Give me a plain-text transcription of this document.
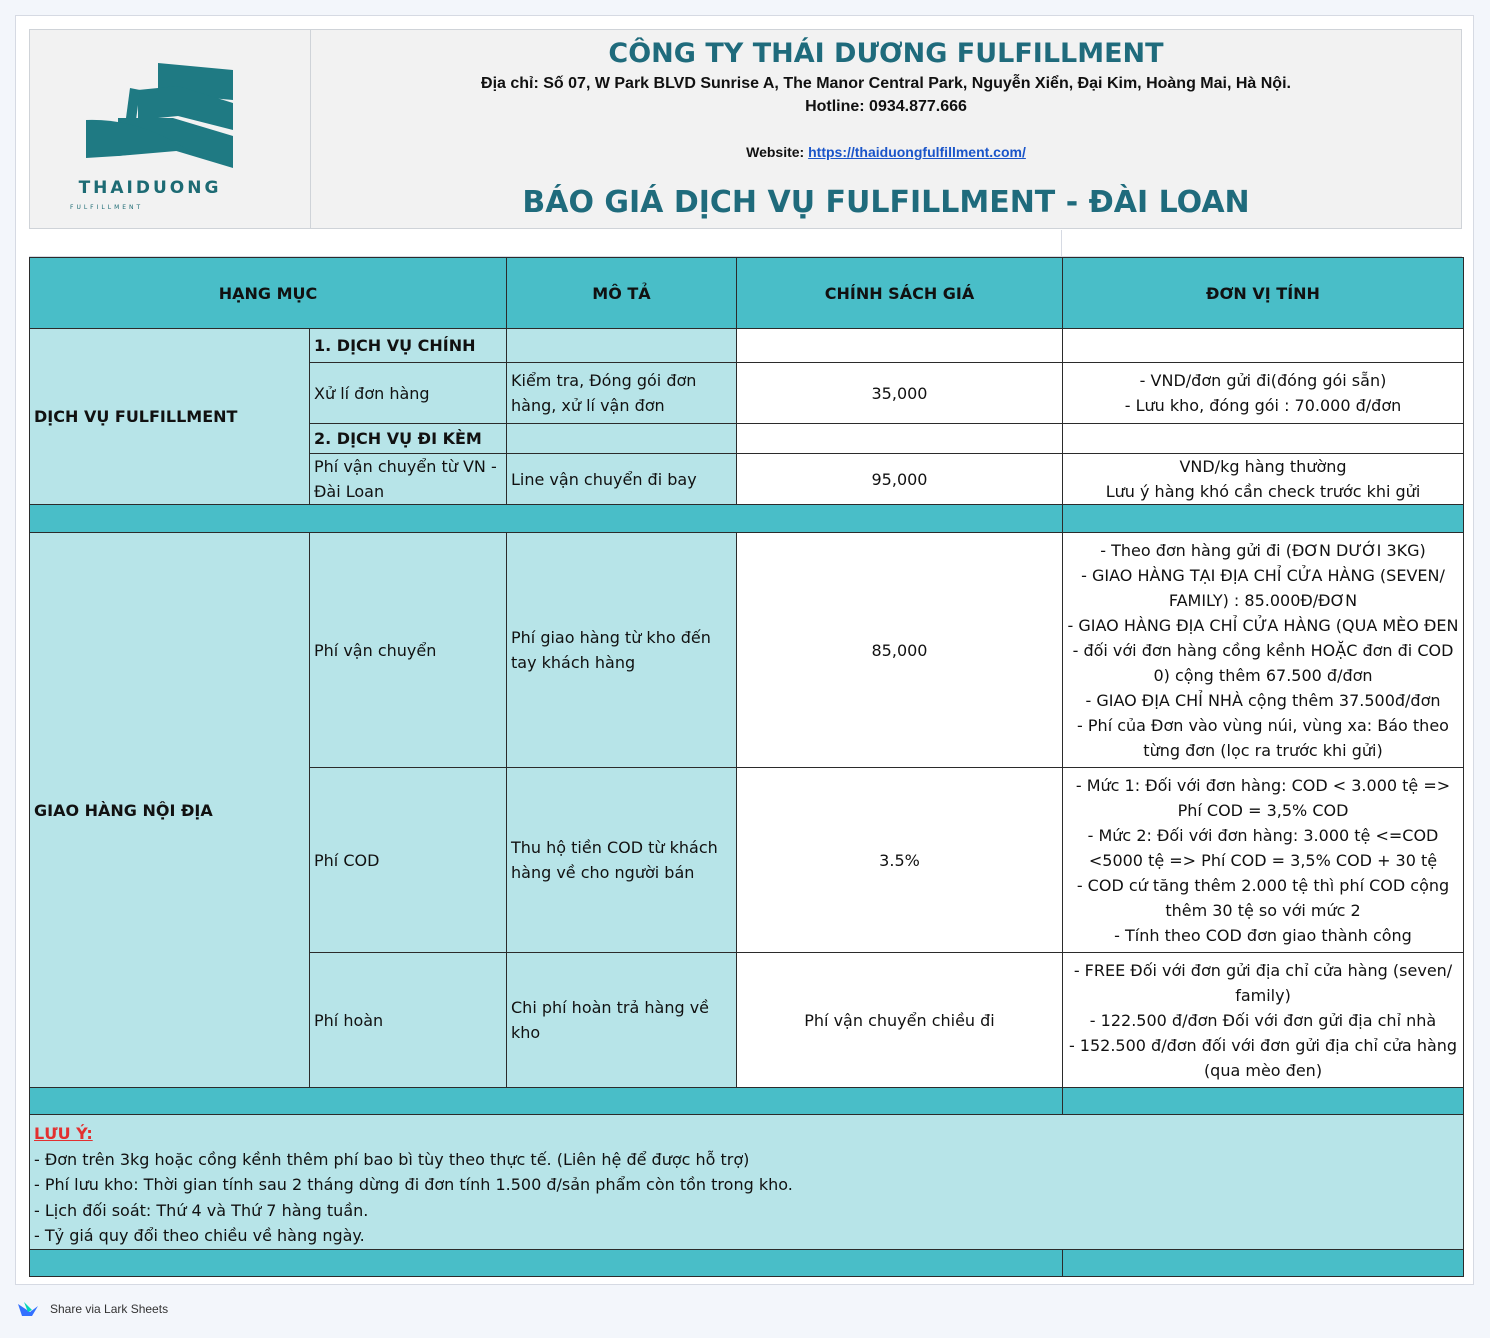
THAIDUONG
FULFILLMENT
CÔNG TY THÁI DƯƠNG FULFILLMENT
Địa chỉ: Số 07, W Park BLVD Sunrise A, The Manor Central Park, Nguyễn Xiển, Đại Kim, Hoàng Mai, Hà Nội.
Hotline: 0934.877.666
Website: https://thaiduongfulfillment.com/
BÁO GIÁ DỊCH VỤ FULFILLMENT - ĐÀI LOAN
HẠNG MỤC		MÔ TẢ	CHÍNH SÁCH GIÁ	ĐƠN VỊ TÍNH
DỊCH VỤ FULFILLMENT	1. DỊCH VỤ CHÍNH			
	Xử lí đơn hàng	Kiểm tra, Đóng gói đơn hàng, xử lí vận đơn	35,000	- VND/đơn gửi đi(đóng gói sẵn)
- Lưu kho, đóng gói : 70.000 đ/đơn

	2. DỊCH VỤ ĐI KÈM			
	Phí vận chuyển từ VN - Đài Loan	Line vận chuyển đi bay	95,000	VND/kg hàng thường
Lưu ý hàng khó cần check trước khi gửi

GIAO HÀNG NỘI ĐỊA	Phí vận chuyển	Phí giao hàng từ kho đến tay khách hàng	85,000	- Theo đơn hàng gửi đi (ĐƠN DƯỚI 3KG)
- GIAO HÀNG TẠI ĐỊA CHỈ CỬA HÀNG (SEVEN/ FAMILY) : 85.000Đ/ĐƠN
- GIAO HÀNG ĐỊA CHỈ CỬA HÀNG (QUA MÈO ĐEN - đối với đơn hàng cồng kềnh HOẶC đơn đi COD 0) cộng thêm 67.500 đ/đơn
- GIAO ĐỊA CHỈ NHÀ cộng thêm 37.500đ/đơn
- Phí của Đơn vào vùng núi, vùng xa: Báo theo từng đơn (lọc ra trước khi gửi)

	Phí COD	Thu hộ tiền COD từ khách hàng về cho người bán	3.5%	- Mức 1: Đối với đơn hàng: COD < 3.000 tệ => Phí COD = 3,5% COD
- Mức 2: Đối với đơn hàng: 3.000 tệ <=COD <5000 tệ => Phí COD = 3,5% COD + 30 tệ
- COD cứ tăng thêm 2.000 tệ thì phí COD cộng thêm 30 tệ so với mức 2
- Tính theo COD đơn giao thành công

	Phí hoàn	Chi phí hoàn trả hàng về kho	Phí vận chuyển chiều đi	- FREE Đối với đơn gửi địa chỉ cửa hàng (seven/ family)
- 122.500 đ/đơn Đối với đơn gửi địa chỉ nhà
- 152.500 đ/đơn đối với đơn gửi địa chỉ cửa hàng (qua mèo đen)

LƯU Ý:
- Đơn trên 3kg hoặc cồng kềnh thêm phí bao bì tùy theo thực tế. (Liên hệ để được hỗ trợ)
- Phí lưu kho: Thời gian tính sau 2 tháng dừng đi đơn tính 1.500 đ/sản phẩm còn tồn trong kho.
- Lịch đối soát: Thứ 4 và Thứ 7 hàng tuần.
- Tỷ giá quy đổi theo chiều về hàng ngày.				

Share via Lark Sheets
